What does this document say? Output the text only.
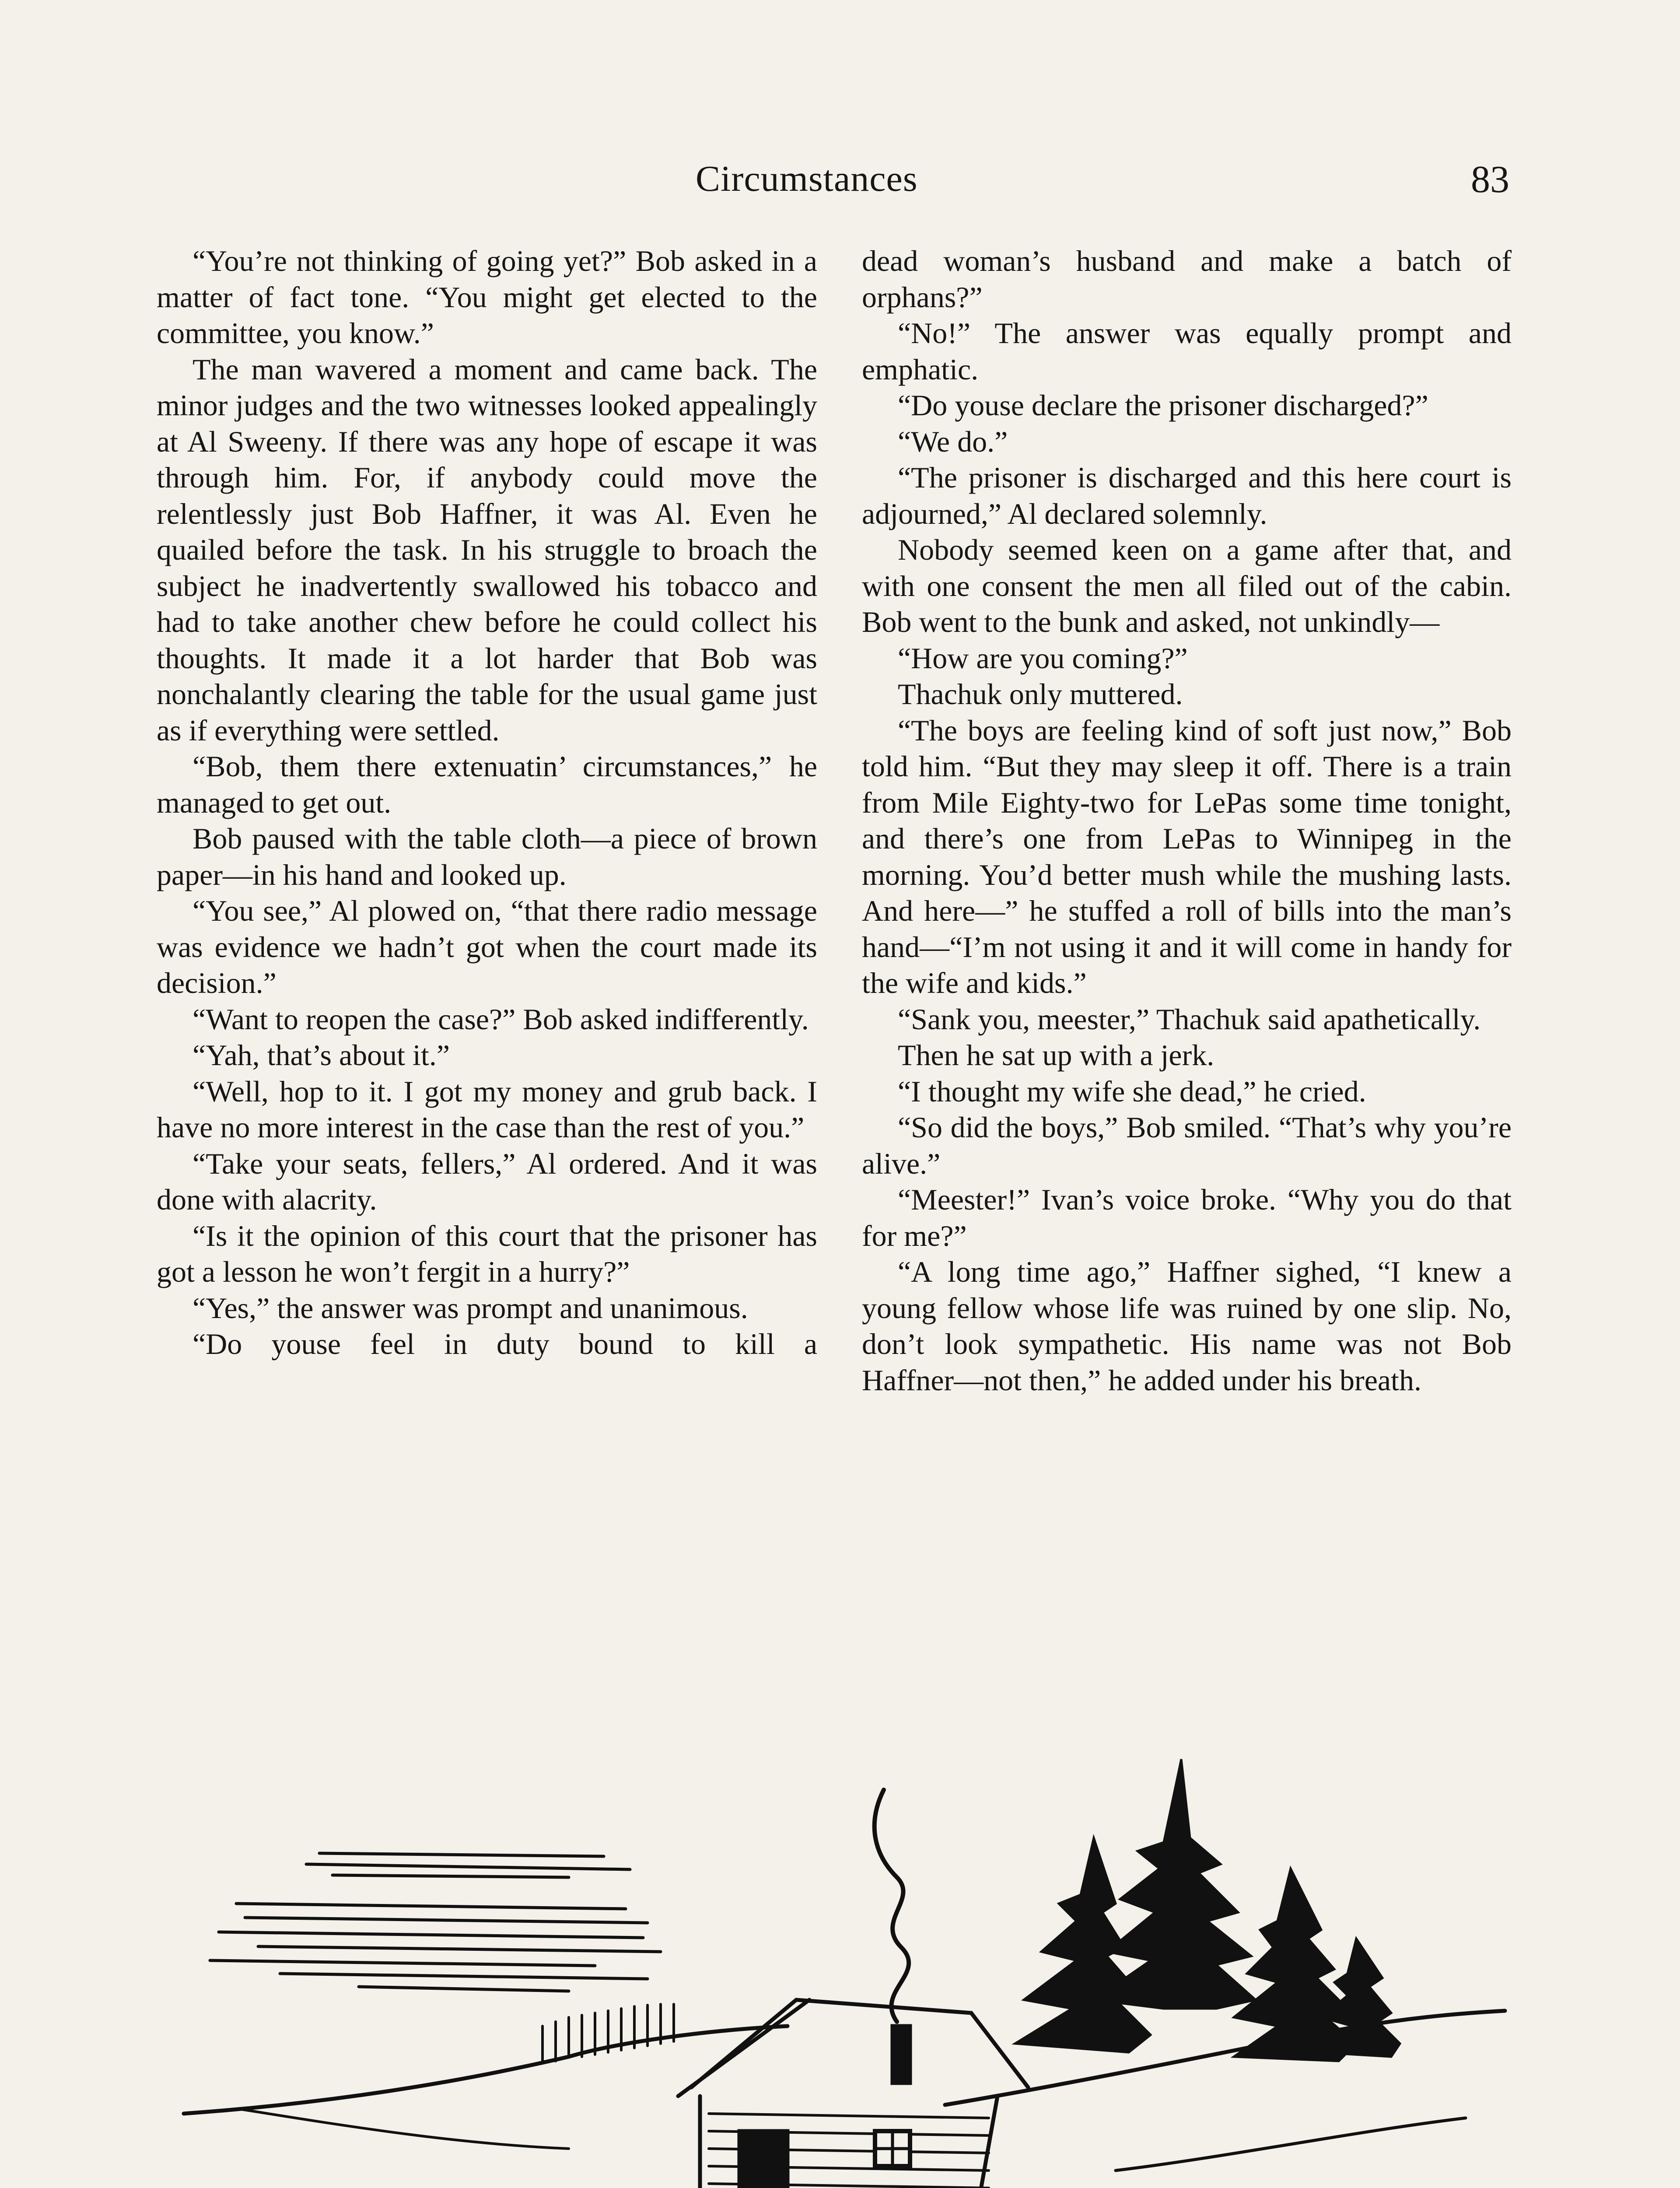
Circumstances	83

“You’re not thinking of going yet?” Bob asked in a matter of fact tone. “You might get elected to the committee, you know.”

The man wavered a moment and came back. The minor judges and the two witnesses looked appealingly at Al Sweeny. If there was any hope of escape it was through him. For, if anybody could move the relentlessly just Bob Haffner, it was Al. Even he quailed before the task. In his struggle to broach the subject he inadvertently swallowed his tobacco and had to take another chew before he could collect his thoughts. It made it a lot harder that Bob was nonchalantly clearing the table for the usual game just as if everything were settled.

“Bob, them there extenuatin’ circumstances,” he managed to get out.

Bob paused with the table cloth—a piece of brown paper—in his hand and looked up.

“You see,” Al plowed on, “that there radio message was evidence we hadn’t got when the court made its decision.”

“Want to reopen the case?” Bob asked indifferently.

“Yah, that’s about it.”

“Well, hop to it. I got my money and grub back. I have no more interest in the case than the rest of you.”

“Take your seats, fellers,” Al ordered. And it was done with alacrity.

“Is it the opinion of this court that the prisoner has got a lesson he won’t fergit in a hurry?”

“Yes,” the answer was prompt and unanimous.

“Do youse feel in duty bound to kill a

dead woman’s husband and make a batch of orphans?”

“No!” The answer was equally prompt and emphatic.

“Do youse declare the prisoner discharged?”

“We do.”

“The prisoner is discharged and this here court is adjourned,” Al declared solemnly.

Nobody seemed keen on a game after that, and with one consent the men all filed out of the cabin. Bob went to the bunk and asked, not unkindly—

“How are you coming?”

Thachuk only muttered.

“The boys are feeling kind of soft just now,” Bob told him. “But they may sleep it off. There is a train from Mile Eighty-two for LePas some time tonight, and there’s one from LePas to Winnipeg in the morning. You’d better mush while the mushing lasts. And here—” he stuffed a roll of bills into the man’s hand—“I’m not using it and it will come in handy for the wife and kids.”

“Sank you, meester,” Thachuk said apathetically.

Then he sat up with a jerk.

“I thought my wife she dead,” he cried.

“So did the boys,” Bob smiled. “That’s why you’re alive.”

“Meester!” Ivan’s voice broke. “Why you do that for me?”

“A long time ago,” Haffner sighed, “I knew a young fellow whose life was ruined by one slip. No, don’t look sympathetic. His name was not Bob Haffner—not then,” he added under his breath.
